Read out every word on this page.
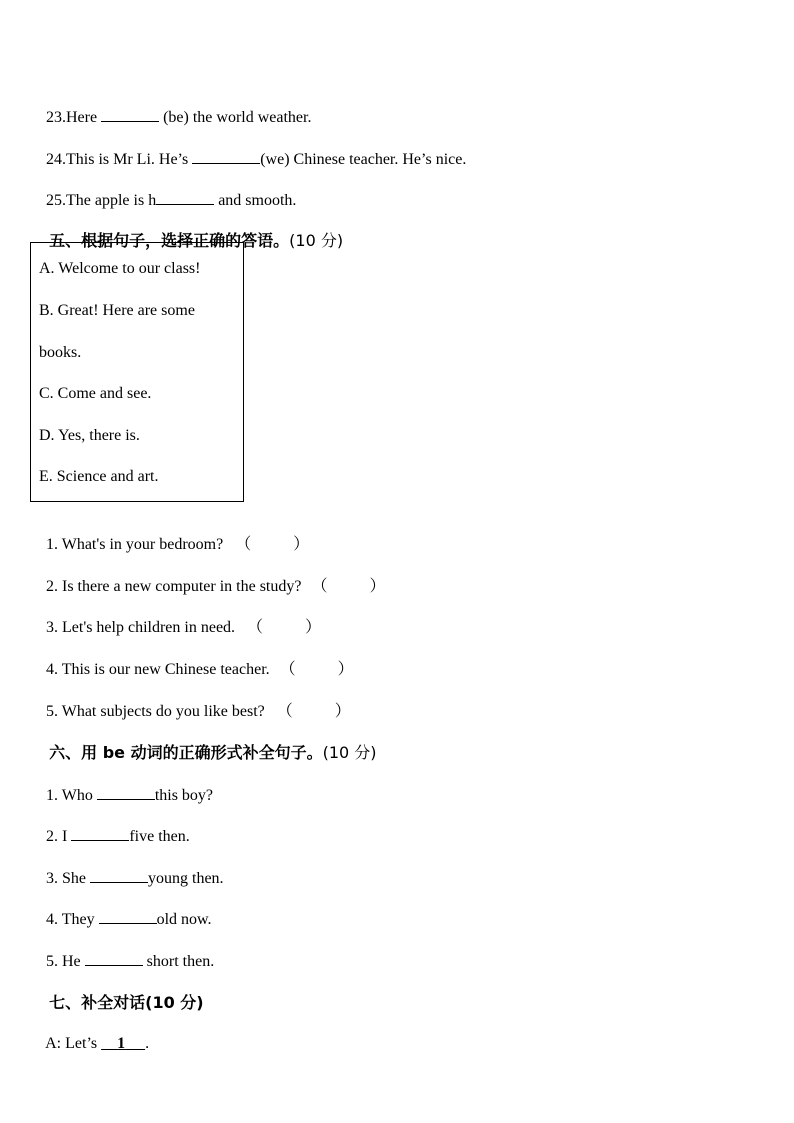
23.Here	(be) the world weather.

24.This is Mr Li. He’s	(we) Chinese teacher. He’s nice.

25.The apple is h	and smooth.

五、根据句子，选择正确的答语。(10 分)

A. Welcome to our class!
B. Great! Here are some
books.
C. Come and see.
D. Yes, there is.
E. Science and art.

1. What's in your bedroom? （	）

2. Is there a new computer in the study? （	）

3. Let's help children in need. （	）

4. This is our new Chinese teacher. （	）

5. What subjects do you like best? （	）

六、用 be 动词的正确形式补全句子。(10 分)

1. Who	this boy?

2. I	five then.

3. She	young then.

4. They	old now.

5. He	short then.

七、补全对话(10 分)

A: Let’s     1 .
